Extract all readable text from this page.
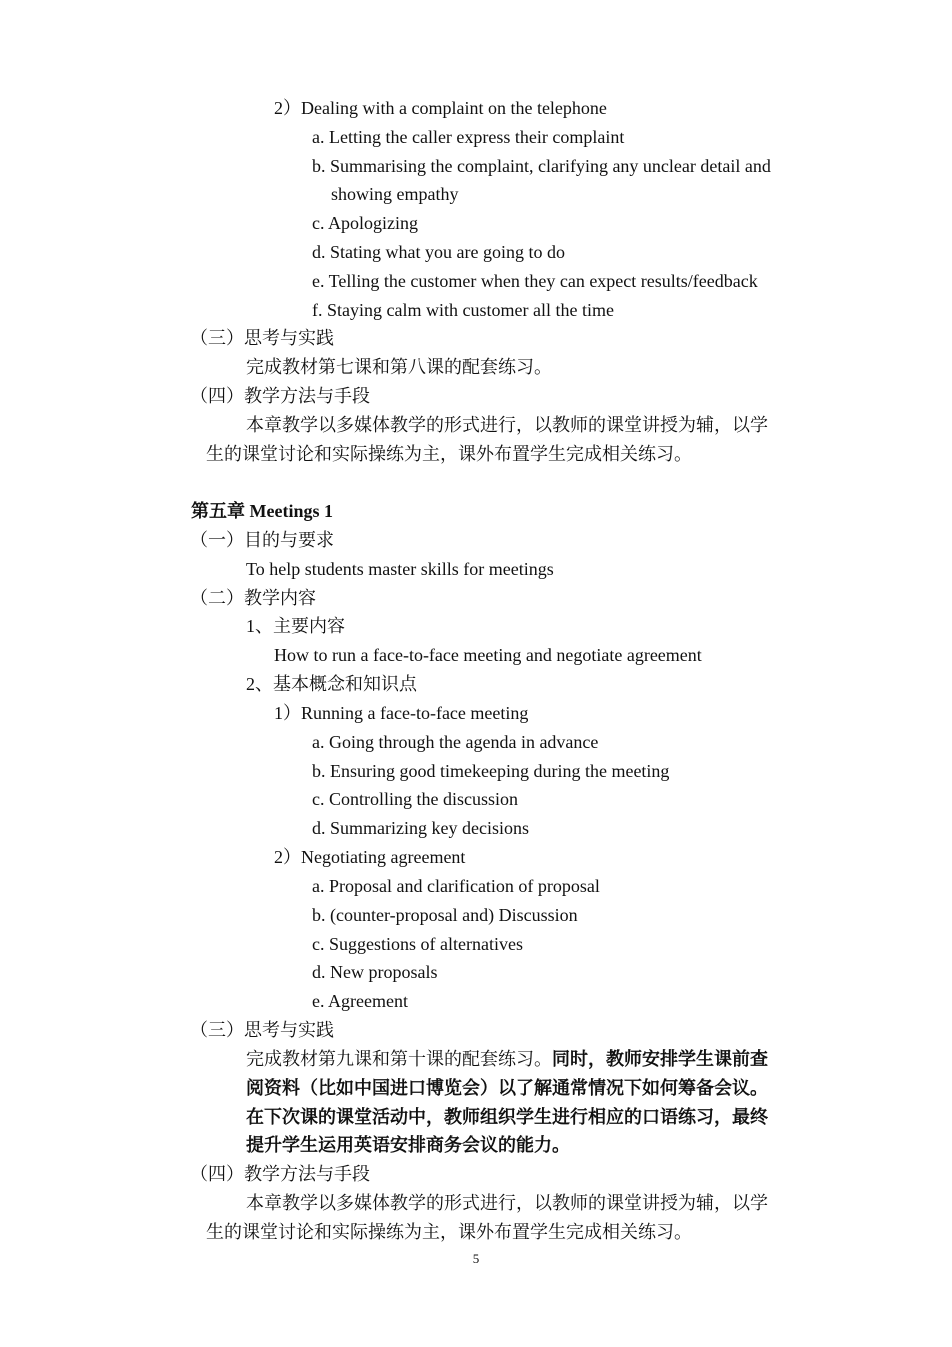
2）Dealing with a complaint on the telephone
a. Letting the caller express their complaint
b. Summarising the complaint, clarifying any unclear detail and
showing empathy
c. Apologizing
d. Stating what you are going to do
e. Telling the customer when they can expect results/feedback
f. Staying calm with customer all the time
（三）思考与实践
完成教材第七课和第八课的配套练习。
（四）教学方法与手段
本章教学以多媒体教学的形式进行，以教师的课堂讲授为辅，以学
生的课堂讨论和实际操练为主，课外布置学生完成相关练习。
第五章 Meetings 1
（一）目的与要求
To help students master skills for meetings
（二）教学内容
1、主要内容
How to run a face-to-face meeting and negotiate agreement
2、基本概念和知识点
1）Running a face-to-face meeting
a. Going through the agenda in advance
b. Ensuring good timekeeping during the meeting
c. Controlling the discussion
d. Summarizing key decisions
2）Negotiating agreement
a. Proposal and clarification of proposal
b. (counter-proposal and) Discussion
c. Suggestions of alternatives
d. New proposals
e. Agreement
（三）思考与实践
完成教材第九课和第十课的配套练习。同时，教师安排学生课前查
阅资料（比如中国进口博览会）以了解通常情况下如何筹备会议。
在下次课的课堂活动中，教师组织学生进行相应的口语练习，最终
提升学生运用英语安排商务会议的能力。
（四）教学方法与手段
本章教学以多媒体教学的形式进行，以教师的课堂讲授为辅，以学
生的课堂讨论和实际操练为主，课外布置学生完成相关练习。
5
